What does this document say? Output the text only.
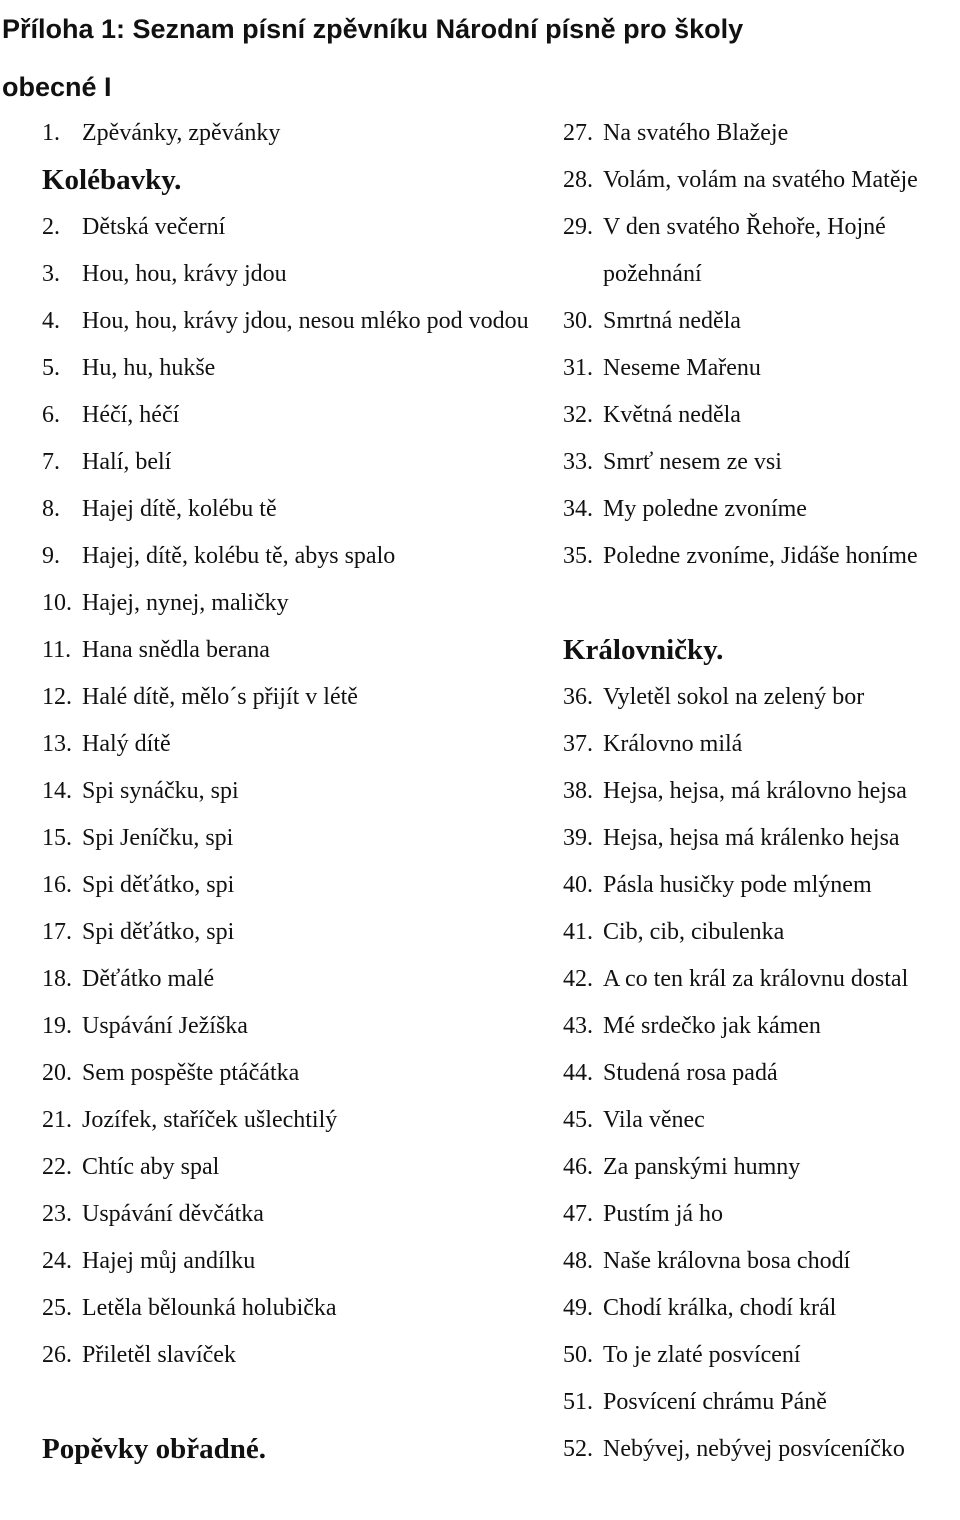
Příloha 1: Seznam písní zpěvníku Národní písně pro školy
obecné I
1. Zpěvánky, zpěvánky
Kolébavky.
2. Dětská večerní
3. Hou, hou, krávy jdou
4. Hou, hou, krávy jdou, nesou mléko pod vodou
5. Hu, hu, hukše
6. Héčí, héčí
7. Halí, belí
8. Hajej dítě, kolébu tě
9. Hajej, dítě, kolébu tě, abys spalo
10. Hajej, nynej, maličky
11. Hana snědla berana
12. Halé dítě, mělo´s přijít v létě
13. Halý dítě
14. Spi synáčku, spi
15. Spi Jeníčku, spi
16. Spi děťátko, spi
17. Spi děťátko, spi
18. Děťátko malé
19. Uspávání Ježíška
20. Sem pospěšte ptáčátka
21. Jozífek, staříček ušlechtilý
22. Chtíc aby spal
23. Uspávání děvčátka
24. Hajej můj andílku
25. Letěla bělounká holubička
26. Přiletěl slavíček
Popěvky obřadné.
27. Na svatého Blažeje
28. Volám, volám na svatého Matěje
29. V den svatého Řehoře, Hojné požehnání
30. Smrtná neděla
31. Neseme Mařenu
32. Květná neděla
33. Smrť nesem ze vsi
34. My poledne zvoníme
35. Poledne zvoníme, Jidáše honíme
Královničky.
36. Vyletěl sokol na zelený bor
37. Královno milá
38. Hejsa, hejsa, má královno hejsa
39. Hejsa, hejsa má králenko hejsa
40. Pásla husičky pode mlýnem
41. Cib, cib, cibulenka
42. A co ten král za královnu dostal
43. Mé srdečko jak kámen
44. Studená rosa padá
45. Vila věnec
46. Za panskými humny
47. Pustím já ho
48. Naše královna bosa chodí
49. Chodí králka, chodí král
50. To je zlaté posvícení
51. Posvícení chrámu Páně
52. Nebývej, nebývej posvíceníčko
